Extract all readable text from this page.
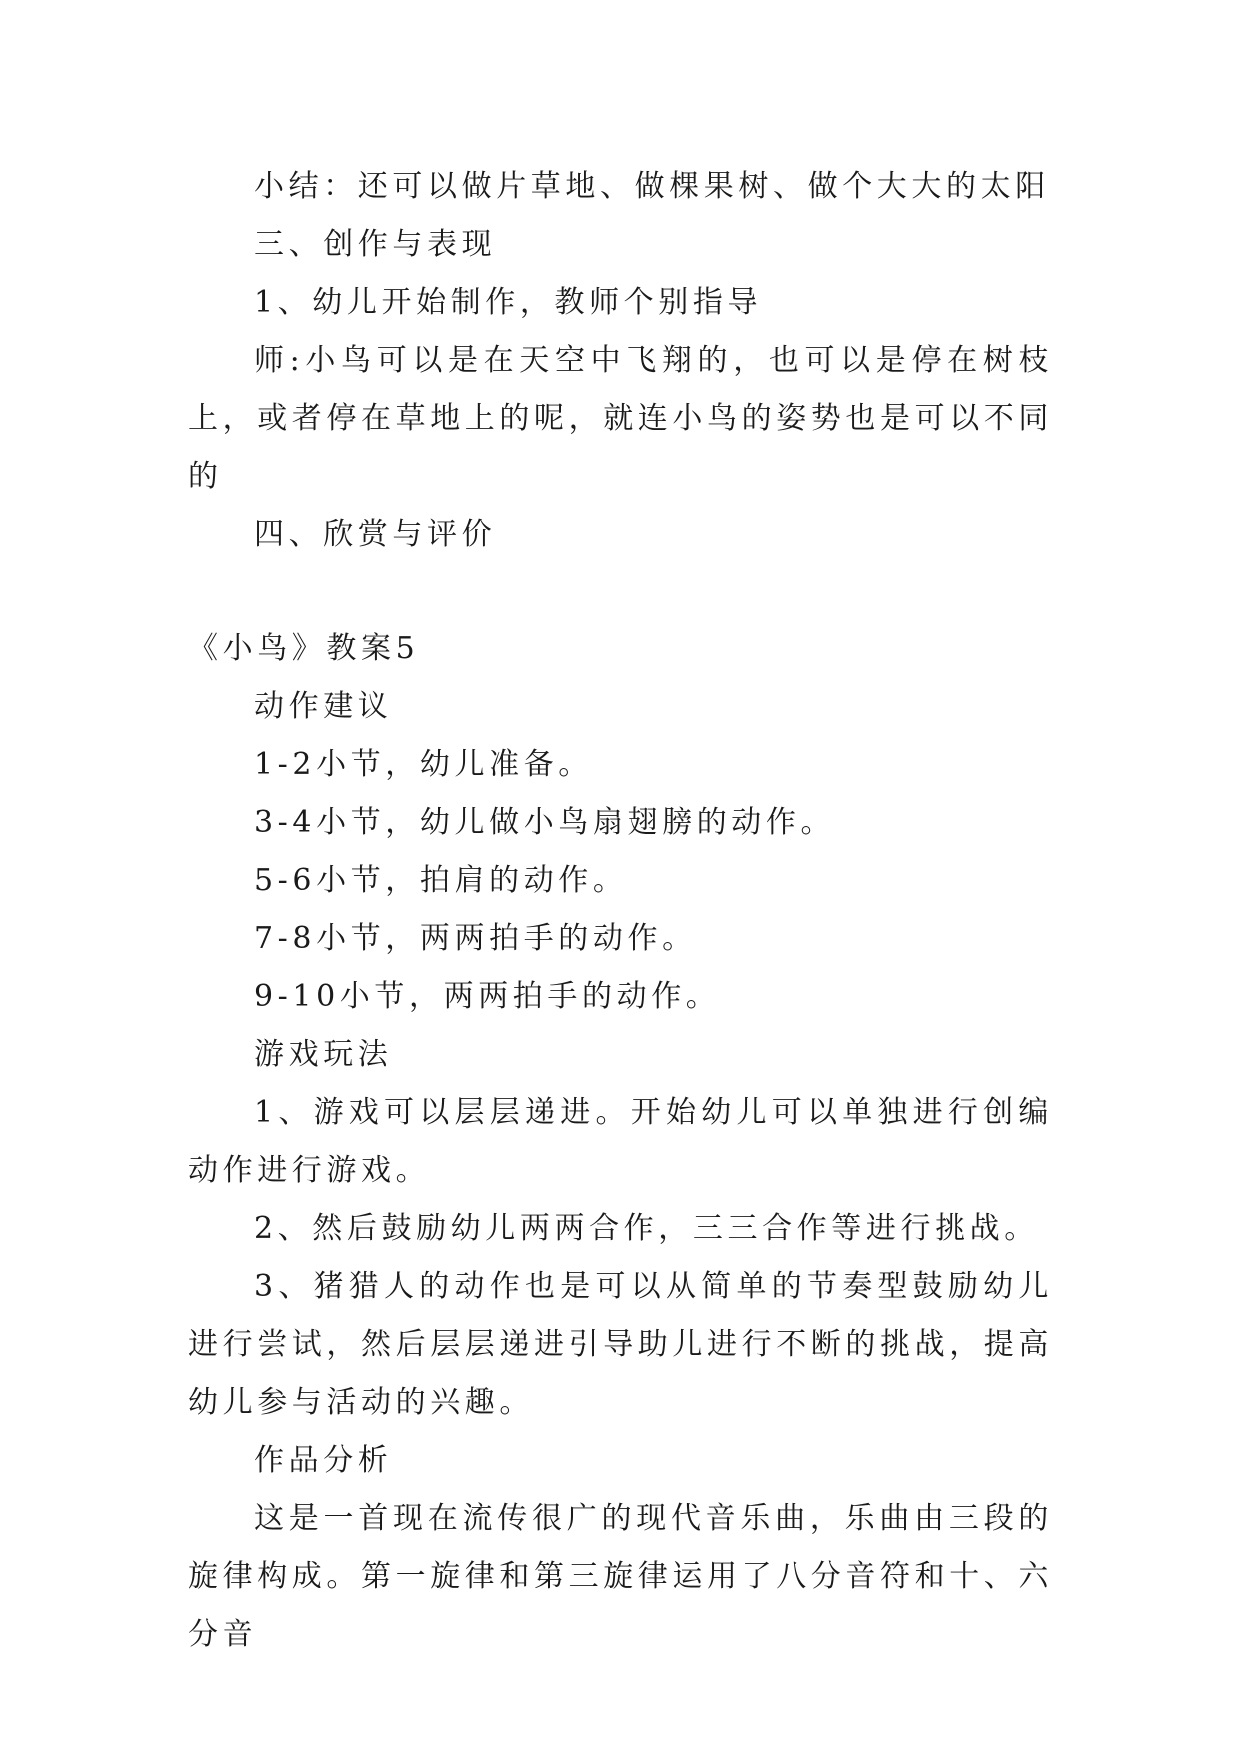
小结：还可以做片草地、做棵果树、做个大大的太阳

三、创作与表现

1、幼儿开始制作，教师个别指导

师:小鸟可以是在天空中飞翔的，也可以是停在树枝上，或者停在草地上的呢，就连小鸟的姿势也是可以不同的

四、欣赏与评价

《小鸟》教案5

动作建议

1-2小节，幼儿准备。

3-4小节，幼儿做小鸟扇翅膀的动作。

5-6小节，拍肩的动作。

7-8小节，两两拍手的动作。

9-10小节，两两拍手的动作。

游戏玩法

1、游戏可以层层递进。开始幼儿可以单独进行创编动作进行游戏。

2、然后鼓励幼儿两两合作，三三合作等进行挑战。

3、猪猎人的动作也是可以从简单的节奏型鼓励幼儿进行尝试，然后层层递进引导助儿进行不断的挑战，提高幼儿参与活动的兴趣。

作品分析

这是一首现在流传很广的现代音乐曲，乐曲由三段的旋律构成。第一旋律和第三旋律运用了八分音符和十、六分音
